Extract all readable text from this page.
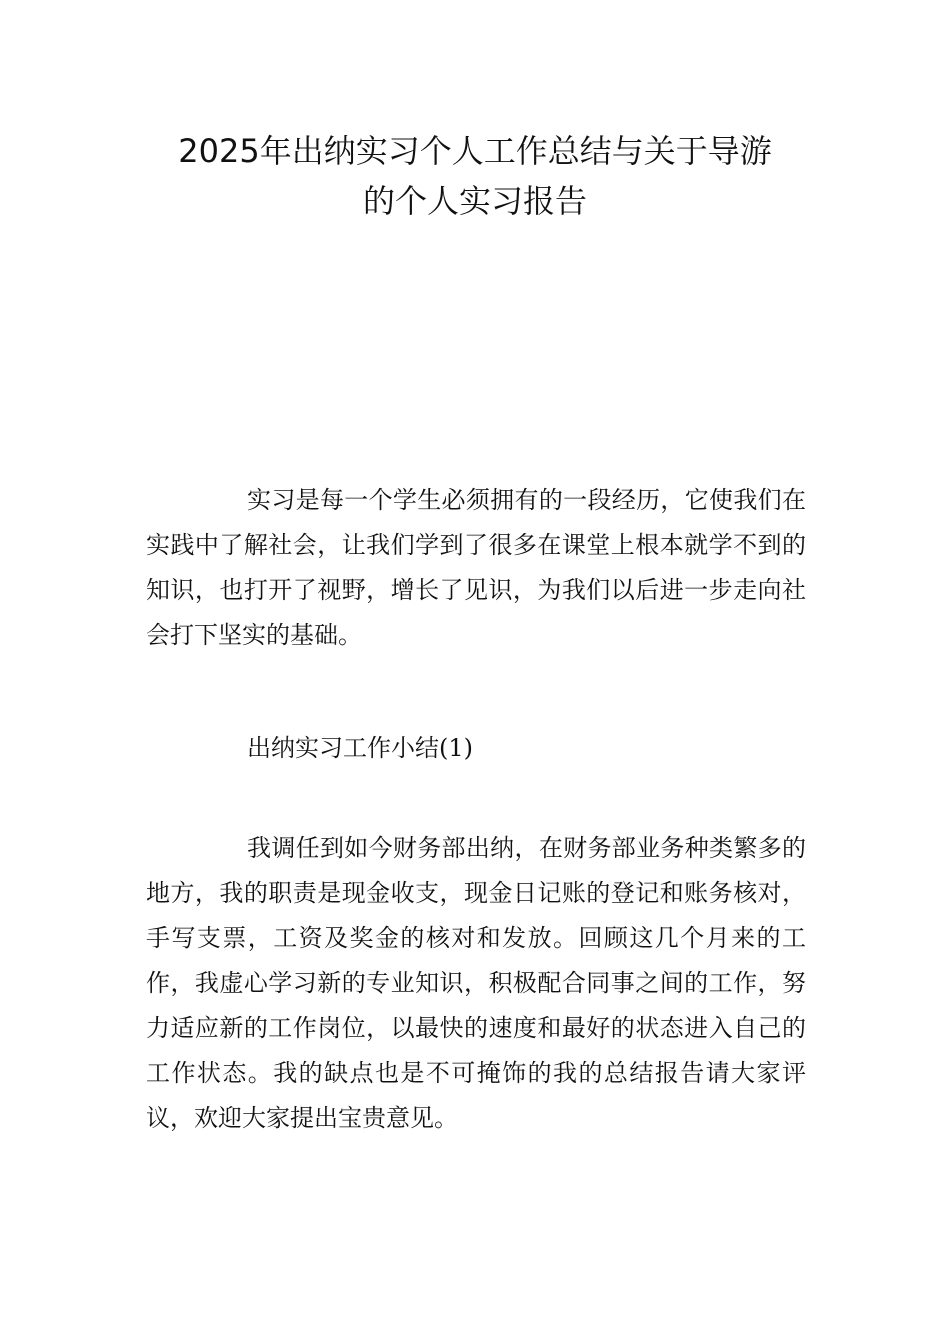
2025年出纳实习个人工作总结与关于导游
的个人实习报告

实习是每一个学生必须拥有的一段经历，它使我们在实践中了解社会，让我们学到了很多在课堂上根本就学不到的知识，也打开了视野，增长了见识，为我们以后进一步走向社会打下坚实的基础。

出纳实习工作小结(1)

我调任到如今财务部出纳，在财务部业务种类繁多的地方，我的职责是现金收支，现金日记账的登记和账务核对，手写支票，工资及奖金的核对和发放。回顾这几个月来的工作，我虚心学习新的专业知识，积极配合同事之间的工作，努力适应新的工作岗位，以最快的速度和最好的状态进入自己的工作状态。我的缺点也是不可掩饰的我的总结报告请大家评议，欢迎大家提出宝贵意见。
